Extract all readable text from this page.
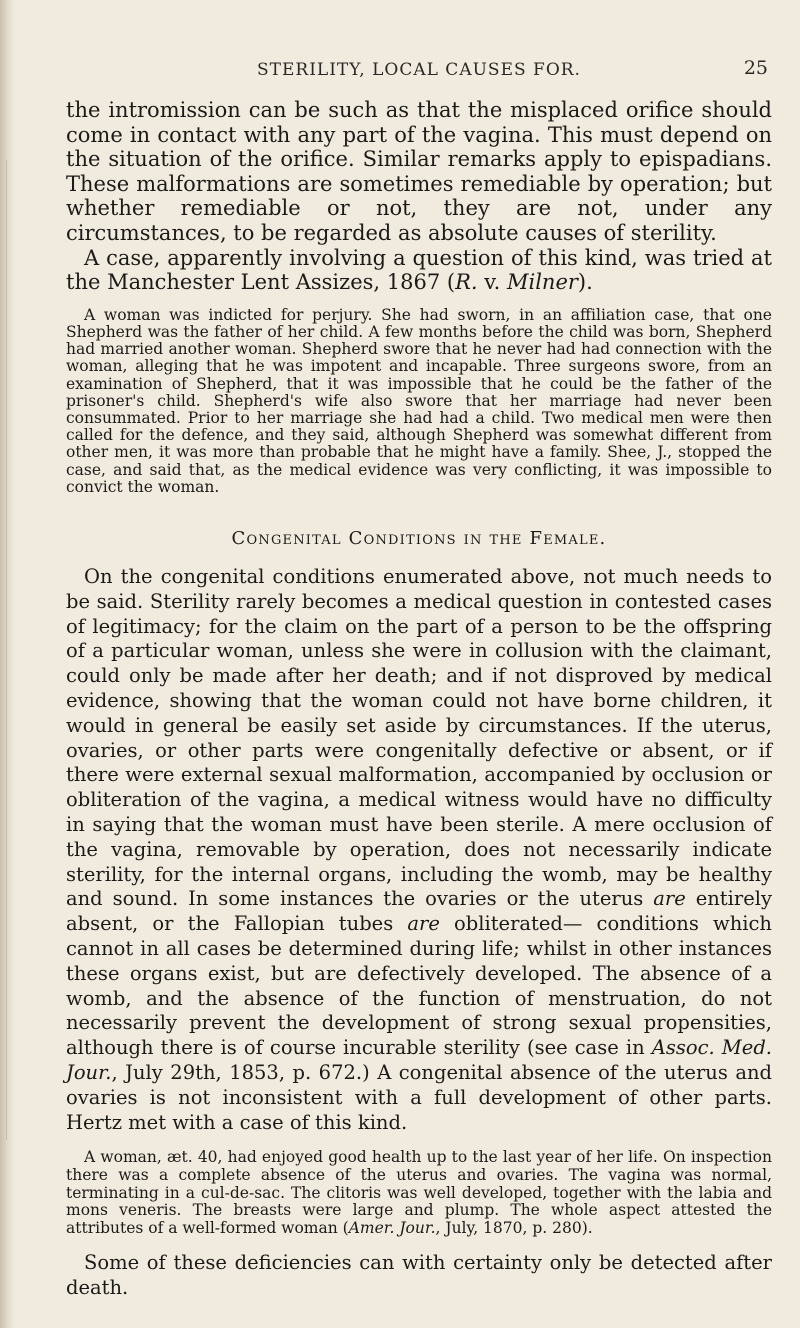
STERILITY, LOCAL CAUSES FOR.	25

the intromission can be such as that the misplaced orifice should come in contact with any part of the vagina. This must depend on the situation of the orifice. Similar remarks apply to epispadians. These malformations are sometimes remediable by operation; but whether remediable or not, they are not, under any circumstances, to be regarded as absolute causes of sterility.

A case, apparently involving a question of this kind, was tried at the Manchester Lent Assizes, 1867 (R. v. Milner).

A woman was indicted for perjury. She had sworn, in an affiliation case, that one Shepherd was the father of her child. A few months before the child was born, Shepherd had married another woman. Shepherd swore that he never had had connection with the woman, alleging that he was impotent and incapable. Three surgeons swore, from an examination of Shepherd, that it was impossible that he could be the father of the prisoner's child. Shepherd's wife also swore that her marriage had never been consummated. Prior to her marriage she had had a child. Two medical men were then called for the defence, and they said, although Shepherd was somewhat different from other men, it was more than probable that he might have a family. Shee, J., stopped the case, and said that, as the medical evidence was very conflicting, it was impossible to convict the woman.

Congenital Conditions in the Female.

On the congenital conditions enumerated above, not much needs to be said. Sterility rarely becomes a medical question in contested cases of legitimacy; for the claim on the part of a person to be the offspring of a particular woman, unless she were in collusion with the claimant, could only be made after her death; and if not disproved by medical evidence, showing that the woman could not have borne children, it would in general be easily set aside by circumstances. If the uterus, ovaries, or other parts were congenitally defective or absent, or if there were external sexual malformation, accompanied by occlusion or obliteration of the vagina, a medical witness would have no difficulty in saying that the woman must have been sterile. A mere occlusion of the vagina, removable by operation, does not necessarily indicate sterility, for the internal organs, including the womb, may be healthy and sound. In some instances the ovaries or the uterus are entirely absent, or the Fallopian tubes are obliterated— conditions which cannot in all cases be determined during life; whilst in other instances these organs exist, but are defectively developed. The absence of a womb, and the absence of the function of menstruation, do not necessarily prevent the development of strong sexual propensities, although there is of course incurable sterility (see case in Assoc. Med. Jour., July 29th, 1853, p. 672.) A congenital absence of the uterus and ovaries is not inconsistent with a full development of other parts. Hertz met with a case of this kind.

A woman, æt. 40, had enjoyed good health up to the last year of her life. On inspection there was a complete absence of the uterus and ovaries. The vagina was normal, terminating in a cul-de-sac. The clitoris was well developed, together with the labia and mons veneris. The breasts were large and plump. The whole aspect attested the attributes of a well-formed woman (Amer. Jour., July, 1870, p. 280).

Some of these deficiencies can with certainty only be detected after death.
